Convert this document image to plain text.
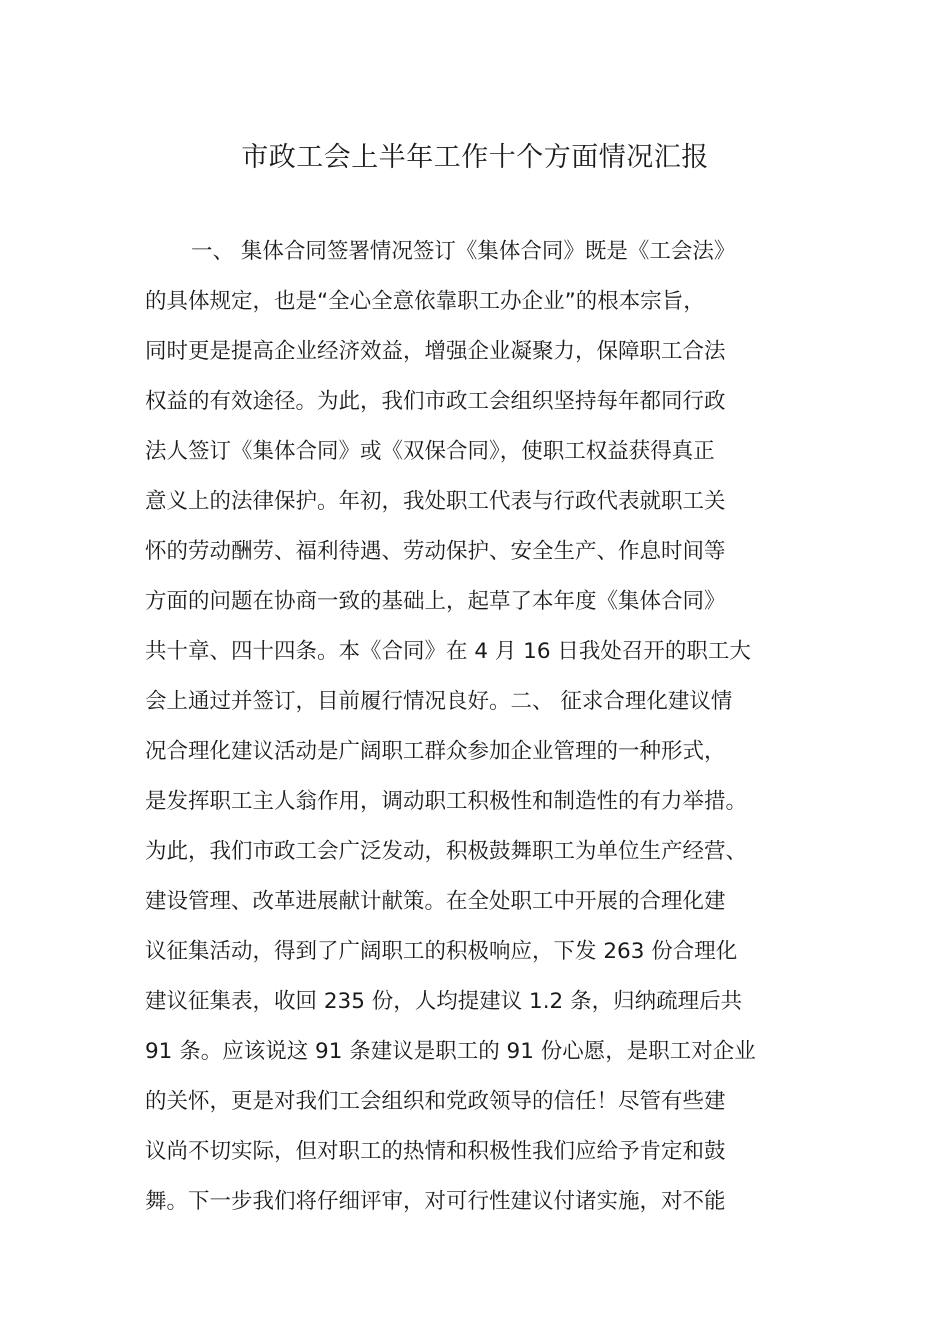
市政工会上半年工作十个方面情况汇报
一、 集体合同签署情况签订《集体合同》既是《工会法》
的具体规定，也是“全心全意依靠职工办企业”的根本宗旨，
同时更是提高企业经济效益，增强企业凝聚力，保障职工合法
权益的有效途径。为此，我们市政工会组织坚持每年都同行政
法人签订《集体合同》或《双保合同》，使职工权益获得真正
意义上的法律保护。年初，我处职工代表与行政代表就职工关
怀的劳动酬劳、福利待遇、劳动保护、安全生产、作息时间等
方面的问题在协商一致的基础上，起草了本年度《集体合同》
共十章、四十四条。本《合同》在 4 月 16 日我处召开的职工大
会上通过并签订，目前履行情况良好。二、 征求合理化建议情
况合理化建议活动是广阔职工群众参加企业管理的一种形式，
是发挥职工主人翁作用，调动职工积极性和制造性的有力举措。
为此，我们市政工会广泛发动，积极鼓舞职工为单位生产经营、
建设管理、改革进展献计献策。在全处职工中开展的合理化建
议征集活动，得到了广阔职工的积极响应，下发 263 份合理化
建议征集表，收回 235 份，人均提建议 1.2 条，归纳疏理后共
91 条。应该说这 91 条建议是职工的 91 份心愿，是职工对企业
的关怀，更是对我们工会组织和党政领导的信任！尽管有些建
议尚不切实际，但对职工的热情和积极性我们应给予肯定和鼓
舞。下一步我们将仔细评审，对可行性建议付诸实施，对不能
